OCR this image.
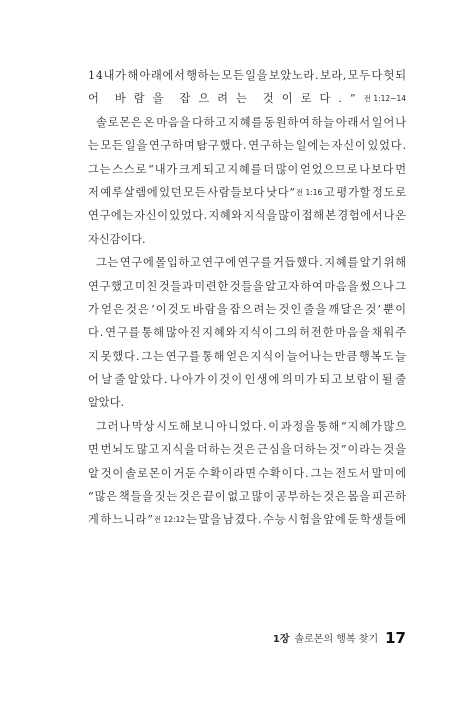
1 4 내 가 해 아 래 에 서 행 하 는 모 든 일 을 보 았 노 라 . 보 라 , 모 두 다 헛 되
어 바 람 을 잡 으 려 는 것 이 로 다 . ” 전 1:12~14
솔 로 몬 은 온 마 음 을 다 하 고 지 혜 를 동 원 하 여 하 늘 아 래 서 일 어 나
는 모 든 일 을 연 구 하 며 탐 구 했 다 . 연 구 하 는 일 에 는 자 신 이 있 었 다 .
그 는 스 스 로 “ 내 가 크 게 되 고 지 혜 를 더 많 이 얻 었 으 므 로 나 보 다 먼
저 예 루 살 렘 에 있 던 모 든 사 람 들 보 다 낫 다 ” 전 1:16 고 평 가 할 정 도 로
연 구 에 는 자 신 이 있 었 다 . 지 혜 와 지 식 을 많 이 접 해 본 경 험 에 서 나 온
자 신 감 이 다 .
그 는 연 구 에 몰 입 하 고 연 구 에 연 구 를 거 듭 했 다 . 지 혜 를 알 기 위 해
연 구 했 고 미 친 것 들 과 미 련 한 것 들 을 알 고 자 하 여 마 음 을 썼 으 나 그
가 얻 은 것 은 ‘ 이 것 도 바 람 을 잡 으 려 는 것 인 줄 을 깨 달 은 것 ’ 뿐 이
다 . 연 구 를 통 해 많 아 진 지 혜 와 지 식 이 그 의 허 전 한 마 음 을 채 워 주
지 못 했 다 . 그 는 연 구 를 통 해 얻 은 지 식 이 늘 어 나 는 만 큼 행 복 도 늘
어 날 줄 알 았 다 . 나 아 가 이 것 이 인 생 에 의 미 가 되 고 보 람 이 될 줄
알 았 다 .
그 러 나 막 상 시 도 해 보 니 아 니 었 다 . 이 과 정 을 통 해 “ 지 혜 가 많 으
면 번 뇌 도 많 고 지 식 을 더 하 는 것 은 근 심 을 더 하 는 것 ” 이 라 는 것 을
알 것 이 솔 로 몬 이 거 둔 수 확 이 라 면 수 확 이 다 . 그 는 전 도 서 말 미 에
“ 많 은 책 들 을 짓 는 것 은 끝 이 없 고 많 이 공 부 하 는 것 은 몸 을 피 곤 하
게 하 느 니 라 ” 전 12:12 는 말 을 남 겼 다 . 수 능 시 험 을 앞 에 둔 학 생 들 에
1장 솔로몬의 행복 찾기 17
